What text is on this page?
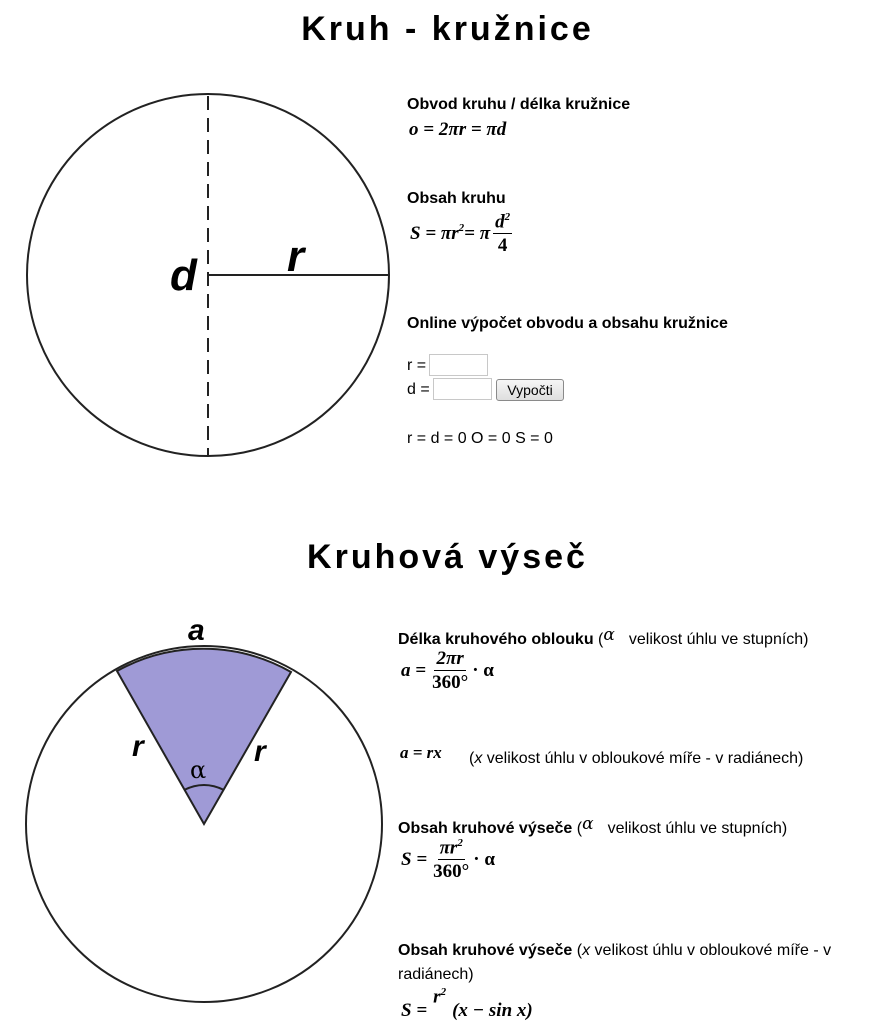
Kruh - kružnice
d r
Obvod kruhu / délka kružnice
o = 2πr = πd
Obsah kruhu
$S = \pi r^2 = \pi \frac{d^2}{4}$
Online výpočet obvodu a obsahu kružnice
r =
d =	Vypočti
r = d = 0 O = 0 S = 0
Kruhová výseč
a
r	r
α
Délka kruhového oblouku (α velikost úhlu ve stupních)
$a = \frac{2\pi r}{360^\circ} \cdot \alpha$
a = rx (x velikost úhlu v obloukové míře - v radiánech)
Obsah kruhové výseče (α velikost úhlu ve stupních)
$S = \frac{\pi r^2}{360^\circ} \cdot \alpha$
Obsah kruhové výseče (x velikost úhlu v obloukové míře - v
radiánech)
S =
$r^2$
(x − sin x)
